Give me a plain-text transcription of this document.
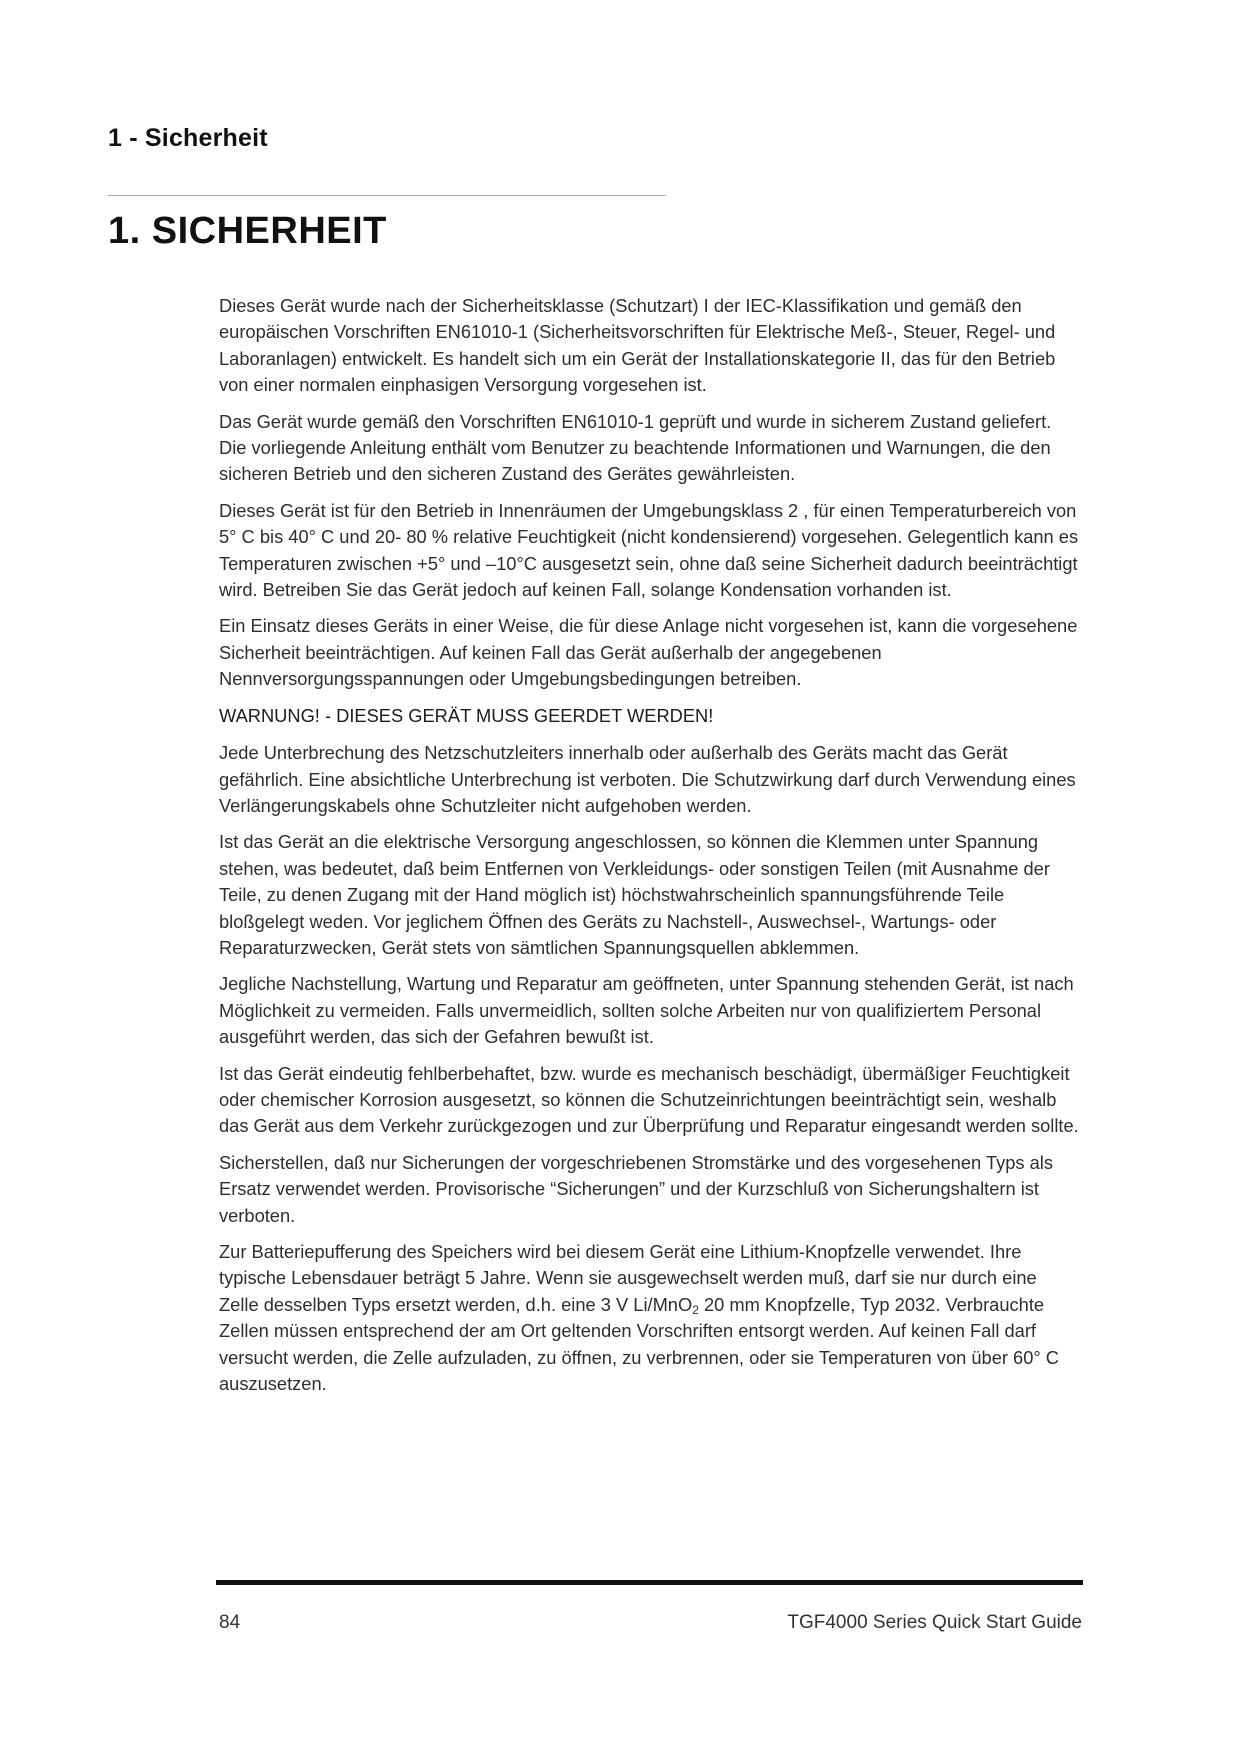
1 - Sicherheit
1. SICHERHEIT

Dieses Gerät wurde nach der Sicherheitsklasse (Schutzart) I der IEC-Klassifikation und gemäß den europäischen Vorschriften EN61010-1 (Sicherheitsvorschriften für Elektrische Meß-, Steuer, Regel- und Laboranlagen) entwickelt. Es handelt sich um ein Gerät der Installationskategorie II, das für den Betrieb von einer normalen einphasigen Versorgung vorgesehen ist.

Das Gerät wurde gemäß den Vorschriften EN61010-1 geprüft und wurde in sicherem Zustand geliefert. Die vorliegende Anleitung enthält vom Benutzer zu beachtende Informationen und Warnungen, die den sicheren Betrieb und den sicheren Zustand des Gerätes gewährleisten.

Dieses Gerät ist für den Betrieb in Innenräumen der Umgebungsklass 2 , für einen Temperaturbereich von 5° C bis 40° C und 20- 80 % relative Feuchtigkeit (nicht kondensierend) vorgesehen. Gelegentlich kann es Temperaturen zwischen +5° und –10°C ausgesetzt sein, ohne daß seine Sicherheit dadurch beeinträchtigt wird. Betreiben Sie das Gerät jedoch auf keinen Fall, solange Kondensation vorhanden ist.

Ein Einsatz dieses Geräts in einer Weise, die für diese Anlage nicht vorgesehen ist, kann die vorgesehene Sicherheit beeinträchtigen. Auf keinen Fall das Gerät außerhalb der angegebenen Nennversorgungsspannungen oder Umgebungsbedingungen betreiben.

WARNUNG! - DIESES GERÄT MUSS GEERDET WERDEN!

Jede Unterbrechung des Netzschutzleiters innerhalb oder außerhalb des Geräts macht das Gerät gefährlich. Eine absichtliche Unterbrechung ist verboten. Die Schutzwirkung darf durch Verwendung eines Verlängerungskabels ohne Schutzleiter nicht aufgehoben werden.

Ist das Gerät an die elektrische Versorgung angeschlossen, so können die Klemmen unter Spannung stehen, was bedeutet, daß beim Entfernen von Verkleidungs- oder sonstigen Teilen (mit Ausnahme der Teile, zu denen Zugang mit der Hand möglich ist) höchstwahrscheinlich spannungsführende Teile bloßgelegt weden. Vor jeglichem Öffnen des Geräts zu Nachstell-, Auswechsel-, Wartungs- oder Reparaturzwecken, Gerät stets von sämtlichen Spannungsquellen abklemmen.

Jegliche Nachstellung, Wartung und Reparatur am geöffneten, unter Spannung stehenden Gerät, ist nach Möglichkeit zu vermeiden. Falls unvermeidlich, sollten solche Arbeiten nur von qualifiziertem Personal ausgeführt werden, das sich der Gefahren bewußt ist.

Ist das Gerät eindeutig fehlberbehaftet, bzw. wurde es mechanisch beschädigt, übermäßiger Feuchtigkeit oder chemischer Korrosion ausgesetzt, so können die Schutzeinrichtungen beeinträchtigt sein, weshalb das Gerät aus dem Verkehr zurückgezogen und zur Überprüfung und Reparatur eingesandt werden sollte.

Sicherstellen, daß nur Sicherungen der vorgeschriebenen Stromstärke und des vorgesehenen Typs als Ersatz verwendet werden. Provisorische “Sicherungen” und der Kurzschluß von Sicherungshaltern ist verboten.

Zur Batteriepufferung des Speichers wird bei diesem Gerät eine Lithium-Knopfzelle verwendet. Ihre typische Lebensdauer beträgt 5 Jahre. Wenn sie ausgewechselt werden muß, darf sie nur durch eine Zelle desselben Typs ersetzt werden, d.h. eine 3 V Li/MnO$_2$ 20 mm Knopfzelle, Typ 2032. Verbrauchte Zellen müssen entsprechend der am Ort geltenden Vorschriften entsorgt werden. Auf keinen Fall darf versucht werden, die Zelle aufzuladen, zu öffnen, zu verbrennen, oder sie Temperaturen von über 60° C auszusetzen.

84	TGF4000 Series Quick Start Guide
